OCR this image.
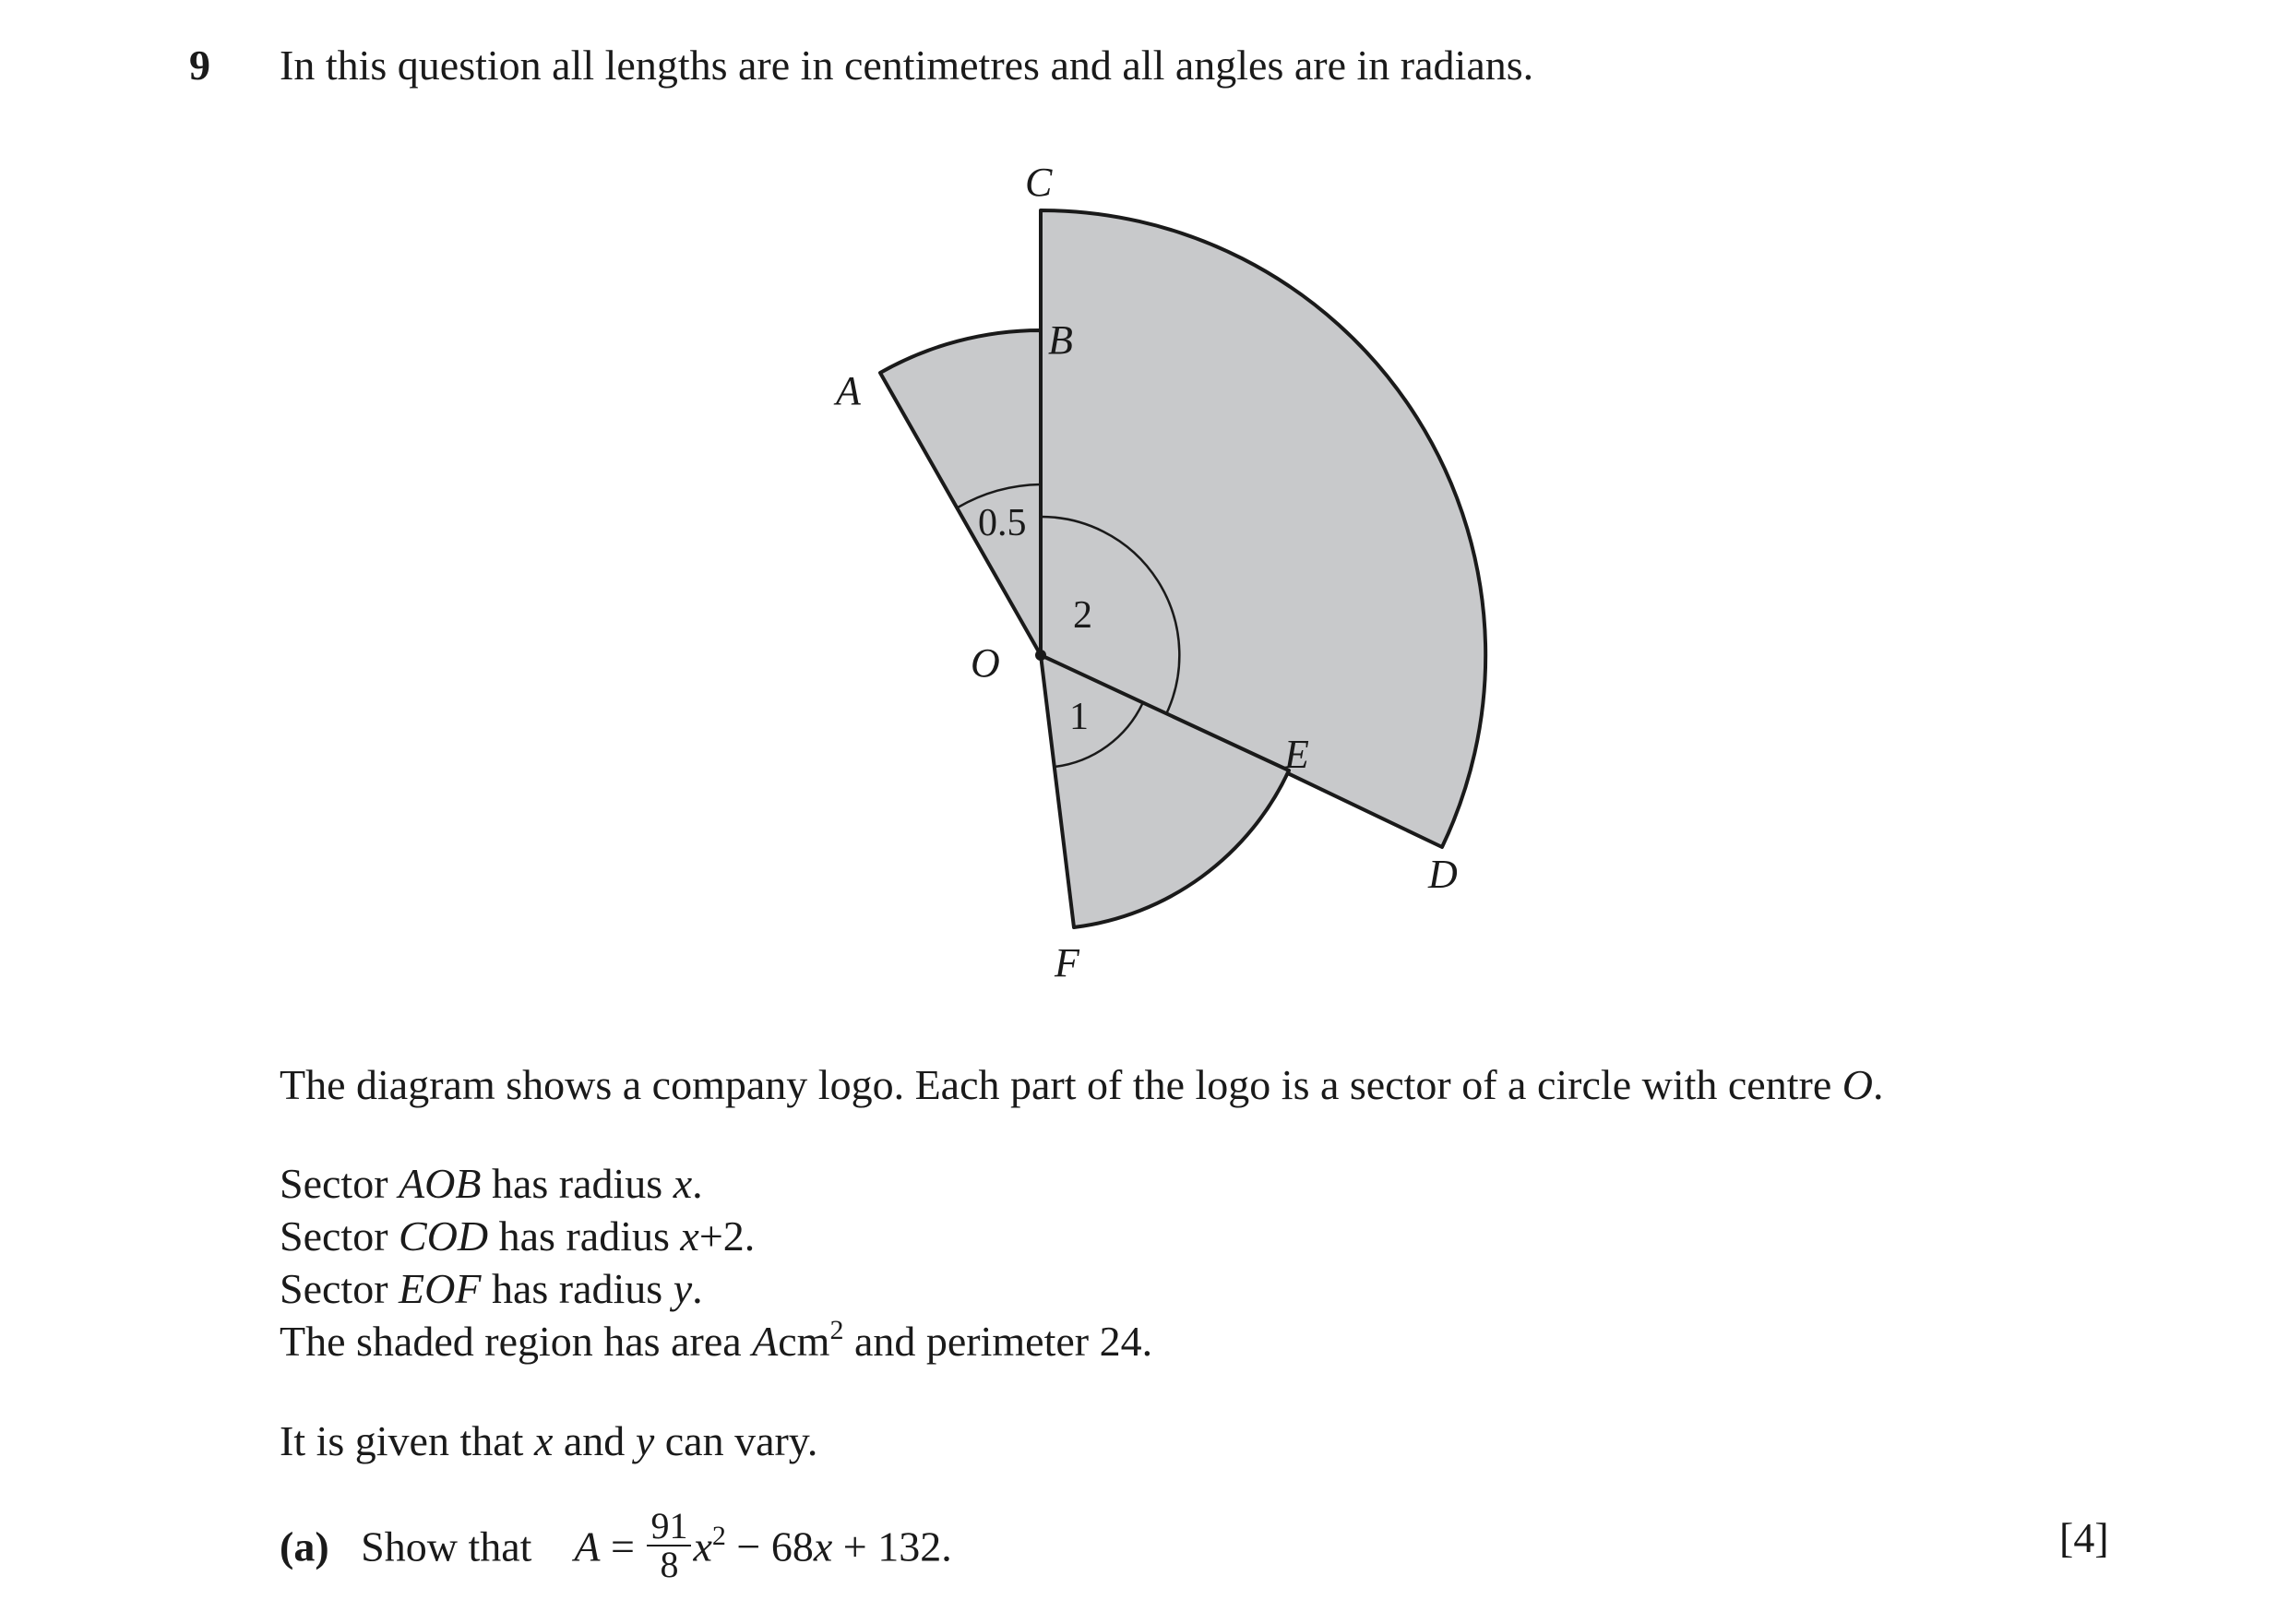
9 In this question all lengths are in centimetres and all angles are in radians.
C
B
A
O
E
D
F
0.5
2
1
The diagram shows a company logo. Each part of the logo is a sector of a circle with centre O.
Sector AOB has radius x.
Sector COD has radius x+2.
Sector EOF has radius y.
The shaded region has area Acm$^2$ and perimeter 24.
It is given that x and y can vary.
(a) Show that $A = \frac{91}{8} x^2 - 68x + 132$.	[4]
